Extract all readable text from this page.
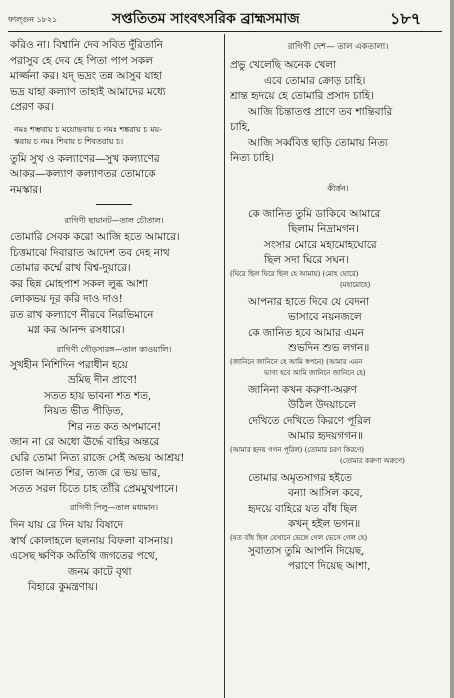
ফাল্গুন ১৮২১	সপ্ততিতম সাংবৎসরিক ব্রাহ্মসমাজ	১৮৭
করিও না। বিশ্বানি দেব সবিত দুঁরিতানি
পরাসুব হে দেব হে পিতা পাপ সকল
মার্জ্জনা কর। যদ্ ভদ্রং তন্ন আসুব যাহা
ভদ্র যাহা কল্যাণ তাহাই আমাদের মধ্যে
প্রেরণ কর।
নমঃ শম্ভবায় চ ময়োভবায় চ নমঃ শঙ্করায় চ ময়-
স্করায় চ নমঃ শিবায় চ শিবতরায় চ।
তুমি সুখ ও কল্যাণের—সুখ কল্যাণের
আকর—কল্যাণ কল্যাণতর তোমাকে
নমস্কার।
রাগিণী ছায়ানট—তাল চৌতাল।
তোমারি সেবক করো আজি হতে আমারে।
চিত্তমাঝে দিবারাত আদেশ তব দেহ নাথ
তোমার কর্ম্মে রাখ বিশ্ব-দুয়ারে।
কর ছিন্ন মোহপাশ সকল লুব্ধ আশা
লোকভয় দূর করি দাও দাও!
রত রাখ কল্যাণে নীরবে নিরভিমানে
মগ্ন কর আনন্দ রসধারে।
রাগিণী গৌড়সারঙ্গ—তাল কাওয়ালি।
সুখহীন নিশিদিন পরাধীন হয়ে
ভ্রমিছ দীন প্রাণে!
সতত হায় ভাবনা শত শত,
নিয়ত ভীত পীড়িত,
শির নত কত অপমানে!
জান না রে অধো ঊর্দ্ধে বাহির অন্তরে
ঘেরি তোমা নিত্য রাজে সেই অভয় আশ্রয়!
তোল আনত শির, ত্যজ রে ভয় ভার,
সতত সরল চিতে চাহ তাঁরি প্রেমমুখপানে।
রাগিণী পিলু—তাল মধ্যমান।
দিন যায় রে দিন যায় বিষাদে
স্বার্থ কোলাহলে ছলনায় বিফলা বাসনায়।
এসেছ ক্ষণিক অতিথি জগতের পথে,
জনম কাটে বৃথা
বিহারে কুমন্ত্রণায়।
রাগিণী দেশ— তাল একতালা।
প্রভু খেলেছি অনেক খেলা
এবে তোমার ক্রোড় চাহি।
শ্রান্ত হৃদয়ে হে তোমারি প্রসাদ চাহি।
আজি চিন্তাতপ্ত প্রাণে তব শান্তিবারি
চাহি,
আজি সর্ব্ববিত্ত ছাড়ি তোমায় নিত্য
নিত্য চাহি।
কীর্ত্তন।
কে জানিত তুমি ডাকিবে আমারে
ছিলাম নিদ্রামগন।
সংসার মোরে মহামোহঘোরে
ছিল সদা ঘিরে সঘন।
(ঘিরে ছিল ঘিরে ছিল হে আমায়) (মোহ ঘোরে)
(মহামোহে)
আপনার হাতে দিবে যে বেদনা
ভাসাবে নয়নজলে
কে জানিত হবে আমার এমন
শুভদিন শুভ লগন॥
(জানিনে জানিনে হে আমি স্বপনে) (আমার এমন
ভাগ্য হবে আমি জানিনে জানিনে হে)
জানিনা কখন করুণা-অরুণ
উঠিল উদয়াচলে
দেখিতে দেখিতে কিরণে পূরিল
আমার হৃদয়গগন॥
(আমার হৃদয় গগন পূরিল) (তোমার চরণ কিরণে)
(তোমার করুণা অরুণে)
তোমার অমৃতসাগর হইতে
বন্যা আসিল কবে,
হৃদয়ে বাহিরে যত বাঁধ ছিল
কখন্ হইল ভগন॥
(যত বাঁধ ছিল যেখানে ভেঙ্গে গেল ভেসে গেল হে)
সুবাতাস তুমি আপনি দিয়েছ,
পরাণে দিয়েছ আশা,
